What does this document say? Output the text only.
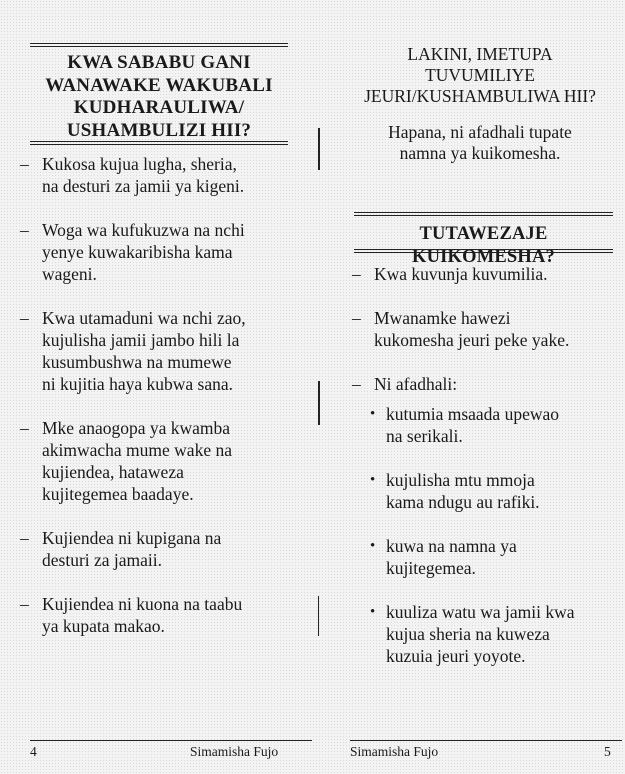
KWA SABABU GANI
WANAWAKE WAKUBALI
KUDHARAULIWA/
USHAMBULIZI HII?
– Kukosa kujua lugha, sheria,
na desturi za jamii ya kigeni.
– Woga wa kufukuzwa na nchi
yenye kuwakaribisha kama
wageni.
– Kwa utamaduni wa nchi zao,
kujulisha jamii jambo hili la
kusumbushwa na mumewe
ni kujitia haya kubwa sana.
– Mke anaogopa ya kwamba
akimwacha mume wake na
kujiendea, hataweza
kujitegemea baadaye.
– Kujiendea ni kupigana na
desturi za jamaii.
– Kujiendea ni kuona na taabu
ya kupata makao.
4	Simamisha Fujo
LAKINI, IMETUPA
TUVUMILIYE
JEURI/KUSHAMBULIWA HII?
Hapana, ni afadhali tupate
namna ya kuikomesha.
TUTAWEZAJE KUIKOMESHA?
– Kwa kuvunja kuvumilia.
– Mwanamke hawezi
kukomesha jeuri peke yake.
– Ni afadhali:
• kutumia msaada upewao
na serikali.
• kujulisha mtu mmoja
kama ndugu au rafiki.
• kuwa na namna ya
kujitegemea.
• kuuliza watu wa jamii kwa
kujua sheria na kuweza
kuzuia jeuri yoyote.
Simamisha Fujo	5
